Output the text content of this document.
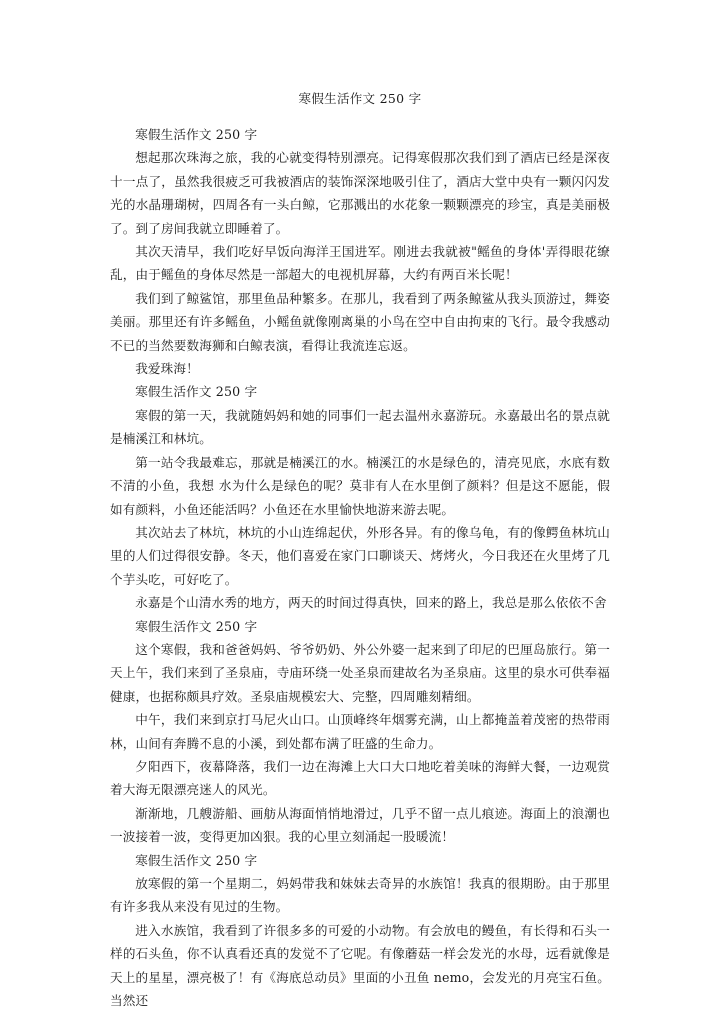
寒假生活作文 250 字

寒假生活作文 250 字

想起那次珠海之旅，我的心就变得特别漂亮。记得寒假那次我们到了酒店已经是深夜十一点了，虽然我很疲乏可我被酒店的装饰深深地吸引住了，酒店大堂中央有一颗闪闪发光的水晶珊瑚树，四周各有一头白鲸，它那溅出的水花象一颗颗漂亮的珍宝，真是美丽极了。到了房间我就立即睡着了。

其次天清早，我们吃好早饭向海洋王国进军。刚进去我就被"鳐鱼的身体'弄得眼花缭乱，由于鳐鱼的身体尽然是一部超大的电视机屏幕，大约有两百米长呢！

我们到了鲸鲨馆，那里鱼品种繁多。在那儿，我看到了两条鲸鲨从我头顶游过，舞姿美丽。那里还有许多鳐鱼，小鳐鱼就像刚离巢的小鸟在空中自由拘束的飞行。最令我感动不已的当然要数海狮和白鲸表演，看得让我流连忘返。

我爱珠海！

寒假生活作文 250 字

寒假的第一天，我就随妈妈和她的同事们一起去温州永嘉游玩。永嘉最出名的景点就是楠溪江和林坑。

第一站令我最难忘，那就是楠溪江的水。楠溪江的水是绿色的，清亮见底，水底有数不清的小鱼，我想 水为什么是绿色的呢？莫非有人在水里倒了颜料？但是这不愿能，假如有颜料，小鱼还能活吗？小鱼还在水里愉快地游来游去呢。

其次站去了林坑，林坑的小山连绵起伏，外形各异。有的像乌龟，有的像鳄鱼林坑山里的人们过得很安静。冬天，他们喜爱在家门口聊谈天、烤烤火，今日我还在火里烤了几个芋头吃，可好吃了。

永嘉是个山清水秀的地方，两天的时间过得真快，回来的路上，我总是那么依依不舍

寒假生活作文 250 字

这个寒假，我和爸爸妈妈、爷爷奶奶、外公外婆一起来到了印尼的巴厘岛旅行。第一天上午，我们来到了圣泉庙，寺庙环绕一处圣泉而建故名为圣泉庙。这里的泉水可供奉福健康，也据称颇具疗效。圣泉庙规模宏大、完整，四周雕刻精细。

中午，我们来到京打马尼火山口。山顶峰终年烟雾充满，山上都掩盖着茂密的热带雨林，山间有奔腾不息的小溪，到处都布满了旺盛的生命力。

夕阳西下，夜幕降落，我们一边在海滩上大口大口地吃着美味的海鲜大餐，一边观赏着大海无限漂亮迷人的风光。

渐渐地，几艘游船、画舫从海面悄悄地滑过，几乎不留一点儿痕迹。海面上的浪潮也一波接着一波，变得更加凶狠。我的心里立刻涌起一股暖流！

寒假生活作文 250 字

放寒假的第一个星期二，妈妈带我和妹妹去奇异的水族馆！我真的很期盼。由于那里有许多我从来没有见过的生物。

进入水族馆，我看到了许很多多的可爱的小动物。有会放电的鳗鱼，有长得和石头一样的石头鱼，你不认真看还真的发觉不了它呢。有像蘑菇一样会发光的水母，远看就像是天上的星星，漂亮极了！有《海底总动员》里面的小丑鱼 nemo，会发光的月亮宝石鱼。当然还
